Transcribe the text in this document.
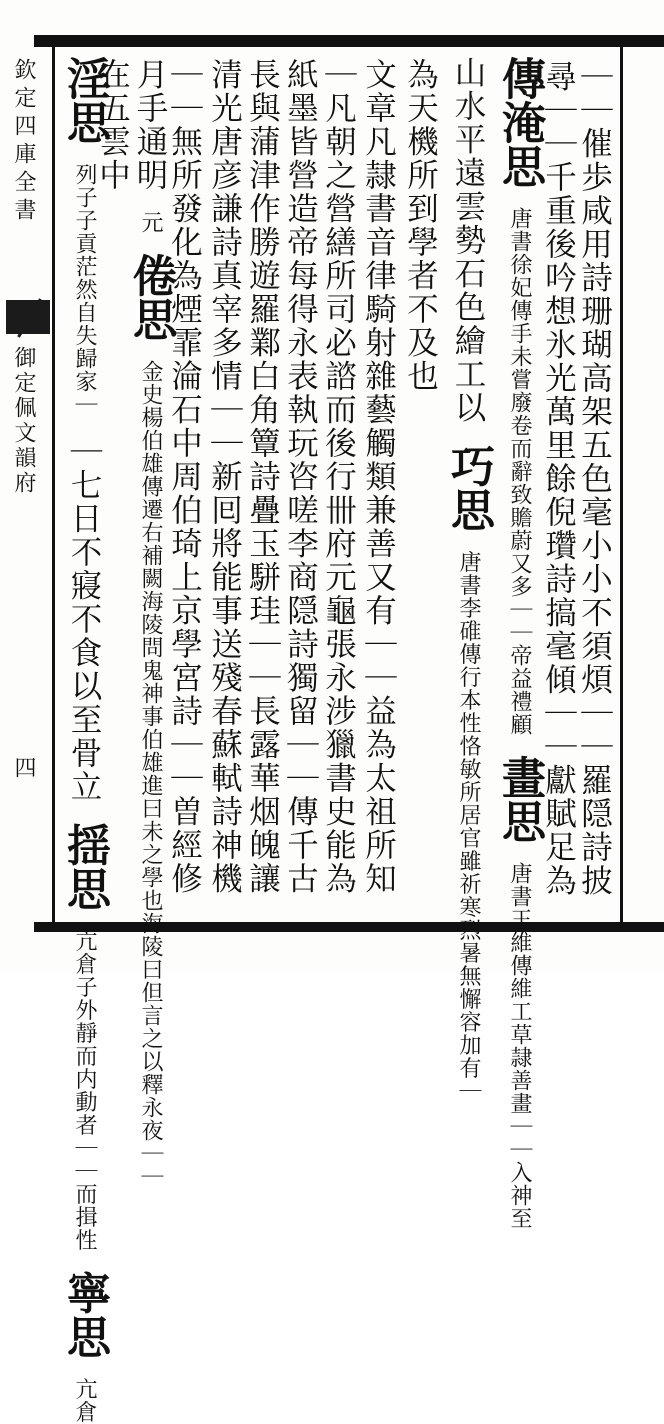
欽定四庫全書
御定佩文韻府
四	｜｜催歩咸用詩珊瑚高架五色毫小小不須煩｜｜羅隠詩披
尋｜｜千重後吟想氷光萬里餘倪瓚詩搞毫傾｜｜獻賦足為
傳淹思 唐書徐妃傳手未嘗廢卷而辭致贍蔚又多｜｜帝益禮顧 畫思 唐書王維傳維工草隷善畫｜｜入神至
山水平遠雲勢石色繪工以 巧思 唐書李碓傳行本性恪敏所居官雖祈寒烈暑無懈容加有｜
為天機所到學者不及也
文章凡隷書音律騎射雜藝觸類兼善又有｜｜益為太祖所知
｜凡朝之營繕所司必諮而後行卌府元龜張永涉獵書史能為
紙墨皆營造帝每得永表執玩咨嗟李商隠詩獨留｜｜傳千古
長與蒲津作勝遊羅鄴白角簟詩疊玉駢珪｜｜長露華烟魄讓
清光唐彦謙詩真宰多情｜｜新囘將能事送殘春蘇軾詩神機
｜｜無所發化為煙霏淪石中周伯琦上京學宮詩｜｜曽經修
月手通明 元 倦思 金史楊伯雄傳遷右補闕海陵問鬼神事伯雄進曰未之學也海陵曰但言之以釋永夜｜｜
淫思 列子子貢茫然自失歸家｜ ｜七日不寢不食以至骨立 揺思 亢倉子外靜而内動者｜｜而揖性 寧思 亢倉
在五雲中
